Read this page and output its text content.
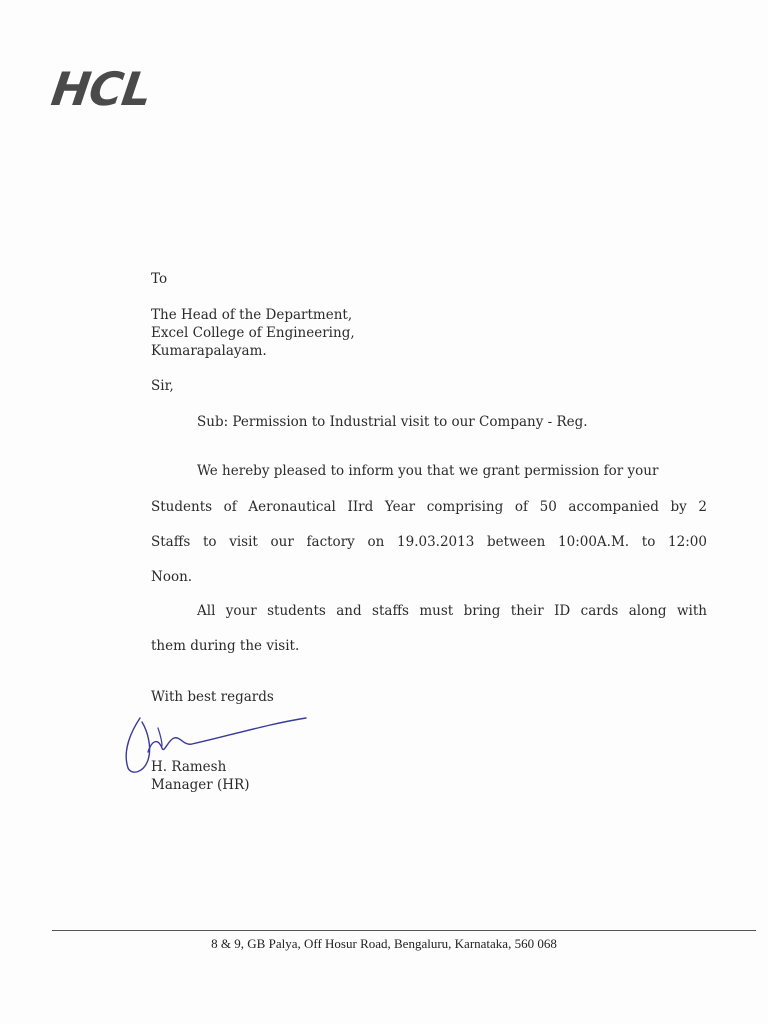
HCL
To
The Head of the Department,
Excel College of Engineering,
Kumarapalayam.
Sir,
Sub: Permission to Industrial visit to our Company - Reg.
We hereby pleased to inform you that we grant permission for your
Students of Aeronautical IIrd Year comprising of 50 accompanied by 2
Staffs to visit our factory on 19.03.2013 between 10:00A.M. to 12:00
Noon.
All your students and staffs must bring their ID cards along with
them during the visit.
With best regards
H. Ramesh
Manager (HR)
8 & 9, GB Palya, Off Hosur Road, Bengaluru, Karnataka, 560 068
